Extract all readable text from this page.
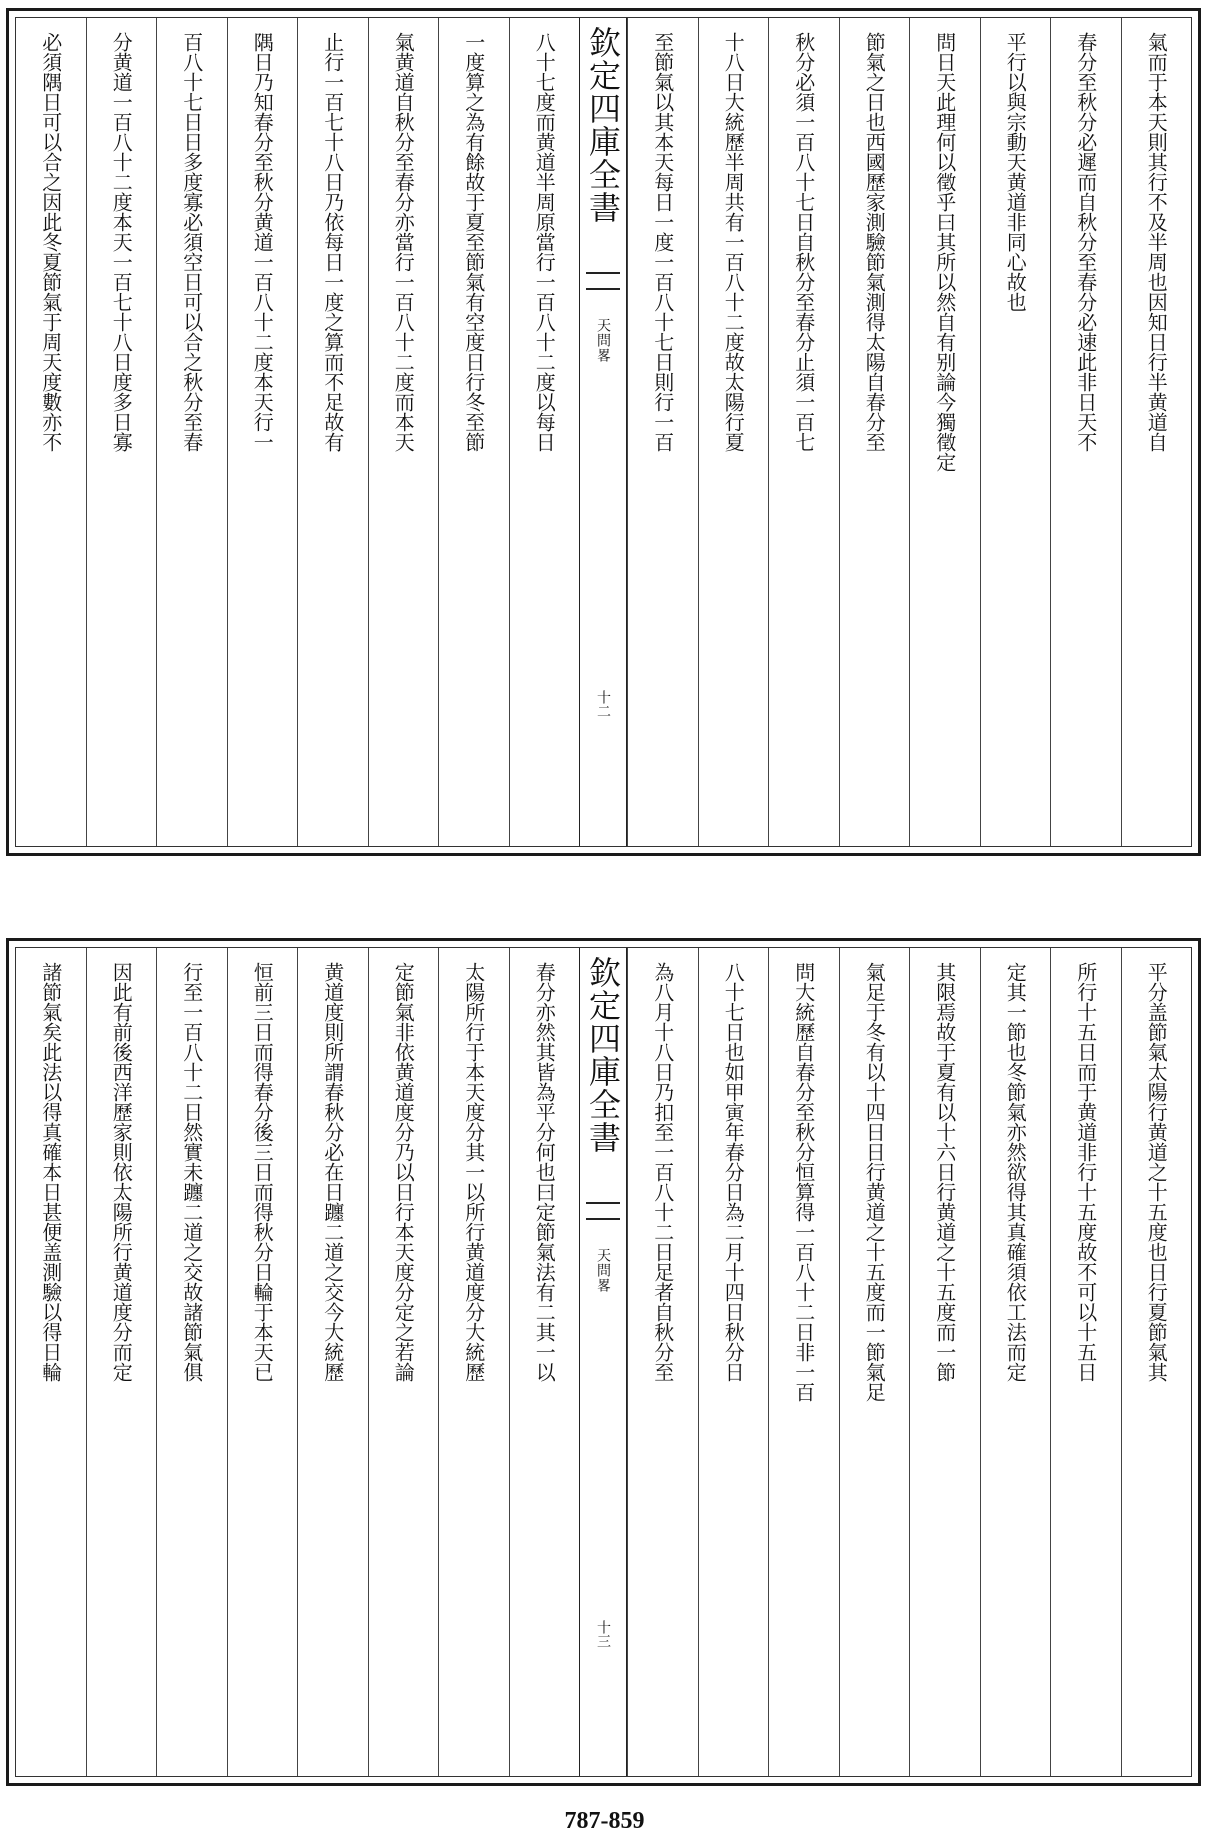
氣而于本天則其行不及半周也因知日行半黄道自
春分至秋分必遲而自秋分至春分必速此非日天不
平行以與宗動天黄道非同心故也
問日天此理何以徵乎曰其所以然自有别論今獨徵定
節氣之日也西國歷家測驗節氣測得太陽自春分至
秋分必須一百八十七日自秋分至春分止須一百七
十八日大統歷半周共有一百八十二度故太陽行夏
至節氣以其本天每日一度一百八十七日則行一百
欽定四庫全書
天問畧
十二
八十七度而黄道半周原當行一百八十二度以每日
一度算之為有餘故于夏至節氣有空度日行冬至節
氣黄道自秋分至春分亦當行一百八十二度而本天
止行一百七十八日乃依每日一度之算而不足故有
隅日乃知春分至秋分黄道一百八十二度本天行一
百八十七日日多度寡必須空日可以合之秋分至春
分黄道一百八十二度本天一百七十八日度多日寡
必須隅日可以合之因此冬夏節氣于周天度數亦不
平分盖節氣太陽行黄道之十五度也日行夏節氣其
所行十五日而于黄道非行十五度故不可以十五日
定其一節也冬節氣亦然欲得其真確須依工法而定
其限焉故于夏有以十六日行黄道之十五度而一節
氣足于冬有以十四日日行黄道之十五度而一節氣足
問大統歷自春分至秋分恒算得一百八十二日非一百
八十七日也如甲寅年春分日為二月十四日秋分日
為八月十八日乃扣至一百八十二日足者自秋分至
欽定四庫全書
天問畧
十三
春分亦然其皆為平分何也曰定節氣法有二其一以
太陽所行于本天度分其一以所行黄道度分大統歷
定節氣非依黄道度分乃以日行本天度分定之若論
黄道度則所謂春秋分必在日躔二道之交今大統歷
恒前三日而得春分後三日而得秋分日輪于本天已
行至一百八十二日然實未躔二道之交故諸節氣俱
因此有前後西洋歷家則依太陽所行黄道度分而定
諸節氣矣此法以得真確本日甚便盖測驗以得日輪
787-859
